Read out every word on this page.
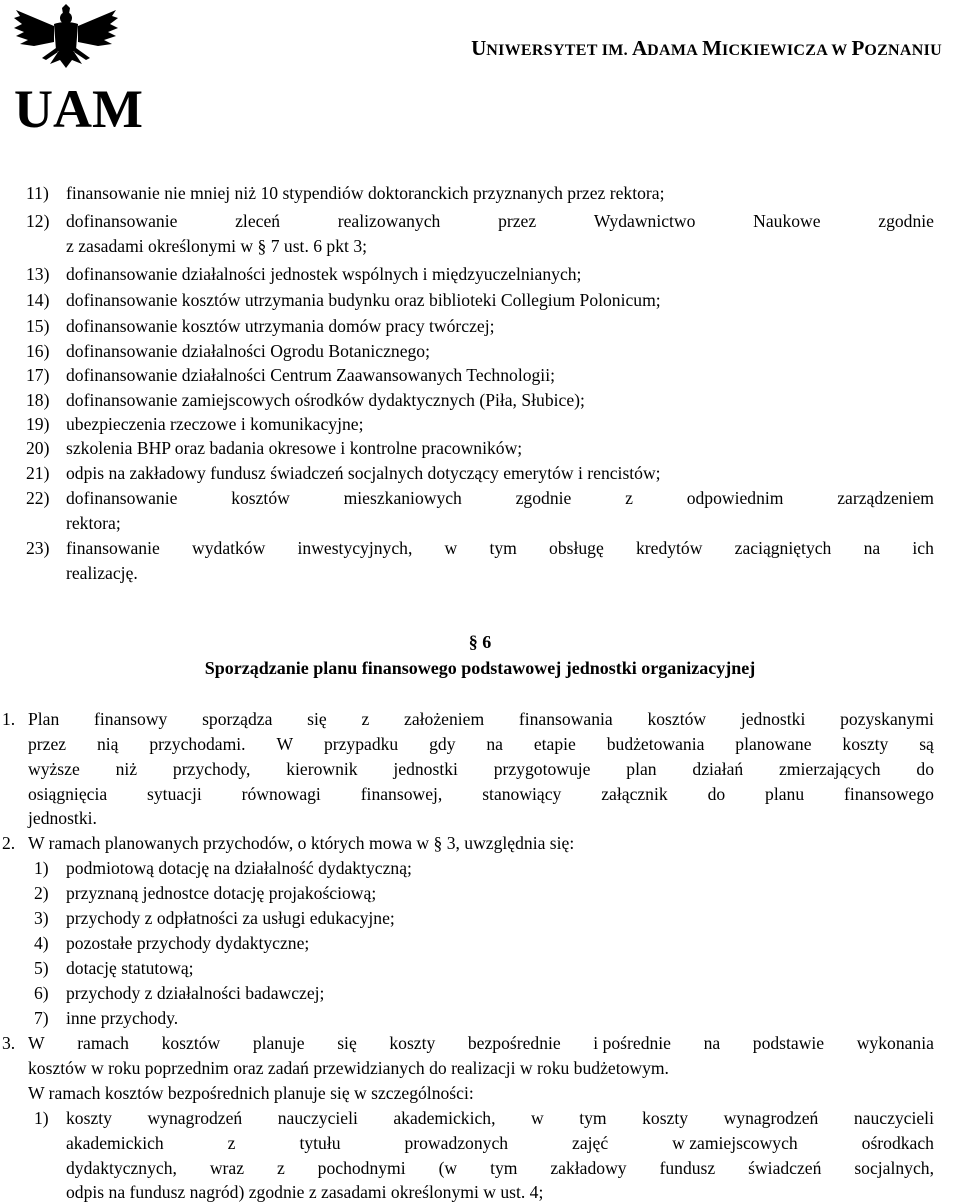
UAM
UNIWERSYTET IM. ADAMA MICKIEWICZA W POZNANIU
11) finansowanie nie mniej niż 10 stypendiów doktoranckich przyznanych przez rektora;
12) dofinansowanie	zleceń	realizowanych	przez	Wydawnictwo	Naukowe	zgodnie
z zasadami określonymi w § 7 ust. 6 pkt 3;
13) dofinansowanie działalności jednostek wspólnych i międzyuczelnianych;
14) dofinansowanie kosztów utrzymania budynku oraz biblioteki Collegium Polonicum;
15) dofinansowanie kosztów utrzymania domów pracy twórczej;
16) dofinansowanie działalności Ogrodu Botanicznego;
17) dofinansowanie działalności Centrum Zaawansowanych Technologii;
18) dofinansowanie zamiejscowych ośrodków dydaktycznych (Piła, Słubice);
19) ubezpieczenia rzeczowe i komunikacyjne;
20) szkolenia BHP oraz badania okresowe i kontrolne pracowników;
21) odpis na zakładowy fundusz świadczeń socjalnych dotyczący emerytów i rencistów;
22) dofinansowanie	kosztów	mieszkaniowych	zgodnie	z	odpowiednim	zarządzeniem
rektora;
23) finansowanie wydatków inwestycyjnych, w tym obsługę kredytów zaciągniętych na ich
realizację.
§ 6
Sporządzanie planu finansowego podstawowej jednostki organizacyjnej
1. Plan finansowy sporządza się z założeniem finansowania kosztów jednostki pozyskanymi
przez nią przychodami. W przypadku gdy na etapie budżetowania planowane koszty są
wyższe niż przychody, kierownik jednostki przygotowuje plan działań zmierzających do
osiągnięcia sytuacji równowagi finansowej, stanowiący załącznik do planu finansowego
jednostki.
2. W ramach planowanych przychodów, o których mowa w § 3, uwzględnia się:
1) podmiotową dotację na działalność dydaktyczną;
2) przyznaną jednostce dotację projakościową;
3) przychody z odpłatności za usługi edukacyjne;
4) pozostałe przychody dydaktyczne;
5) dotację statutową;
6) przychody z działalności badawczej;
7) inne przychody.
3. W ramach kosztów planuje się koszty bezpośrednie i pośrednie na podstawie wykonania
kosztów w roku poprzednim oraz zadań przewidzianych do realizacji w roku budżetowym.
W ramach kosztów bezpośrednich planuje się w szczególności:
1) koszty wynagrodzeń nauczycieli akademickich, w tym koszty wynagrodzeń nauczycieli
akademickich	z	tytułu	prowadzonych	zajęć	w zamiejscowych	ośrodkach
dydaktycznych, wraz z pochodnymi (w tym zakładowy fundusz świadczeń socjalnych,
odpis na fundusz nagród) zgodnie z zasadami określonymi w ust. 4;
